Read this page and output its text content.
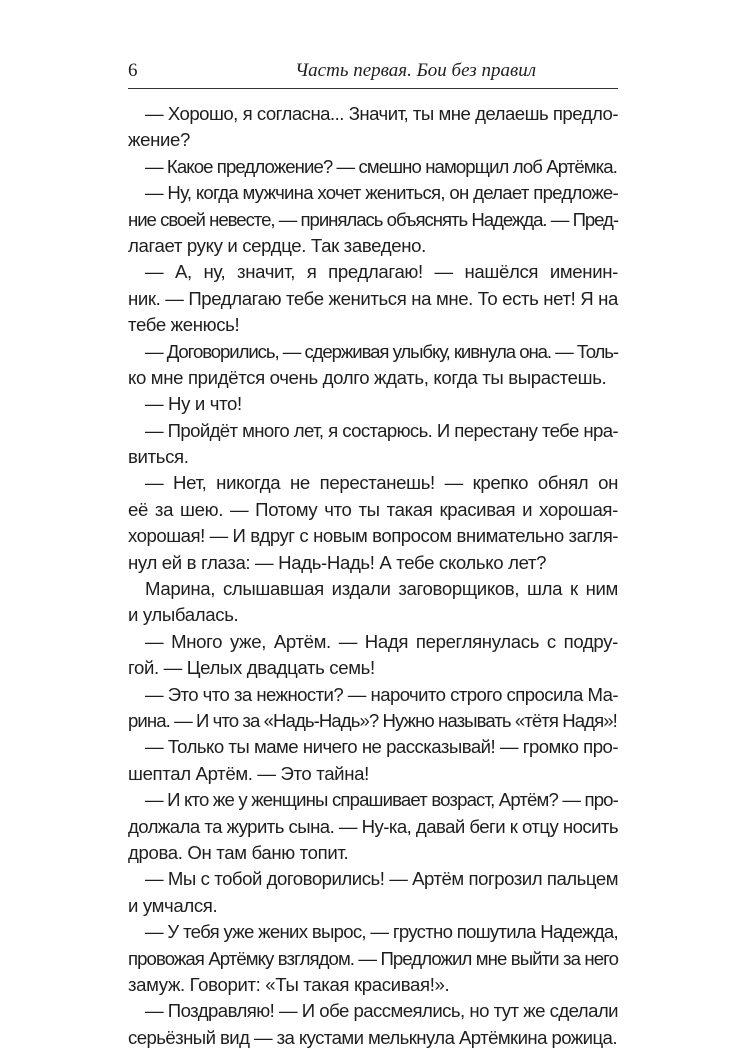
6	Часть первая. Бои без правил
— Хорошо, я согласна... Значит, ты мне делаешь предло-
жение?
— Какое предложение? — смешно наморщил лоб Артёмка.
— Ну, когда мужчина хочет жениться, он делает предложе-
ние своей невесте, — принялась объяснять Надежда. — Пред-
лагает руку и сердце. Так заведено.
— А, ну, значит, я предлагаю! — нашёлся именин-
ник. — Предлагаю тебе жениться на мне. То есть нет! Я на
тебе женюсь!
— Договорились, — сдерживая улыбку, кивнула она. — Толь-
ко мне придётся очень долго ждать, когда ты вырастешь.
— Ну и что!
— Пройдёт много лет, я состарюсь. И перестану тебе нра-
виться.
— Нет, никогда не перестанешь! — крепко обнял он
её за шею. — Потому что ты такая красивая и хорошая-
хорошая! — И вдруг с новым вопросом внимательно загля-
нул ей в глаза: — Надь-Надь! А тебе сколько лет?
Марина, слышавшая издали заговорщиков, шла к ним
и улыбалась.
— Много уже, Артём. — Надя переглянулась с подру-
гой. — Целых двадцать семь!
— Это что за нежности? — нарочито строго спросила Ма-
рина. — И что за «Надь-Надь»? Нужно называть «тётя Надя»!
— Только ты маме ничего не рассказывай! — громко про-
шептал Артём. — Это тайна!
— И кто же у женщины спрашивает возраст, Артём? — про-
должала та журить сына. — Ну-ка, давай беги к отцу носить
дрова. Он там баню топит.
— Мы с тобой договорились! — Артём погрозил пальцем
и умчался.
— У тебя уже жених вырос, — грустно пошутила Надежда,
провожая Артёмку взглядом. — Предложил мне выйти за него
замуж. Говорит: «Ты такая красивая!».
— Поздравляю! — И обе рассмеялись, но тут же сделали
серьёзный вид — за кустами мелькнула Артёмкина рожица.
